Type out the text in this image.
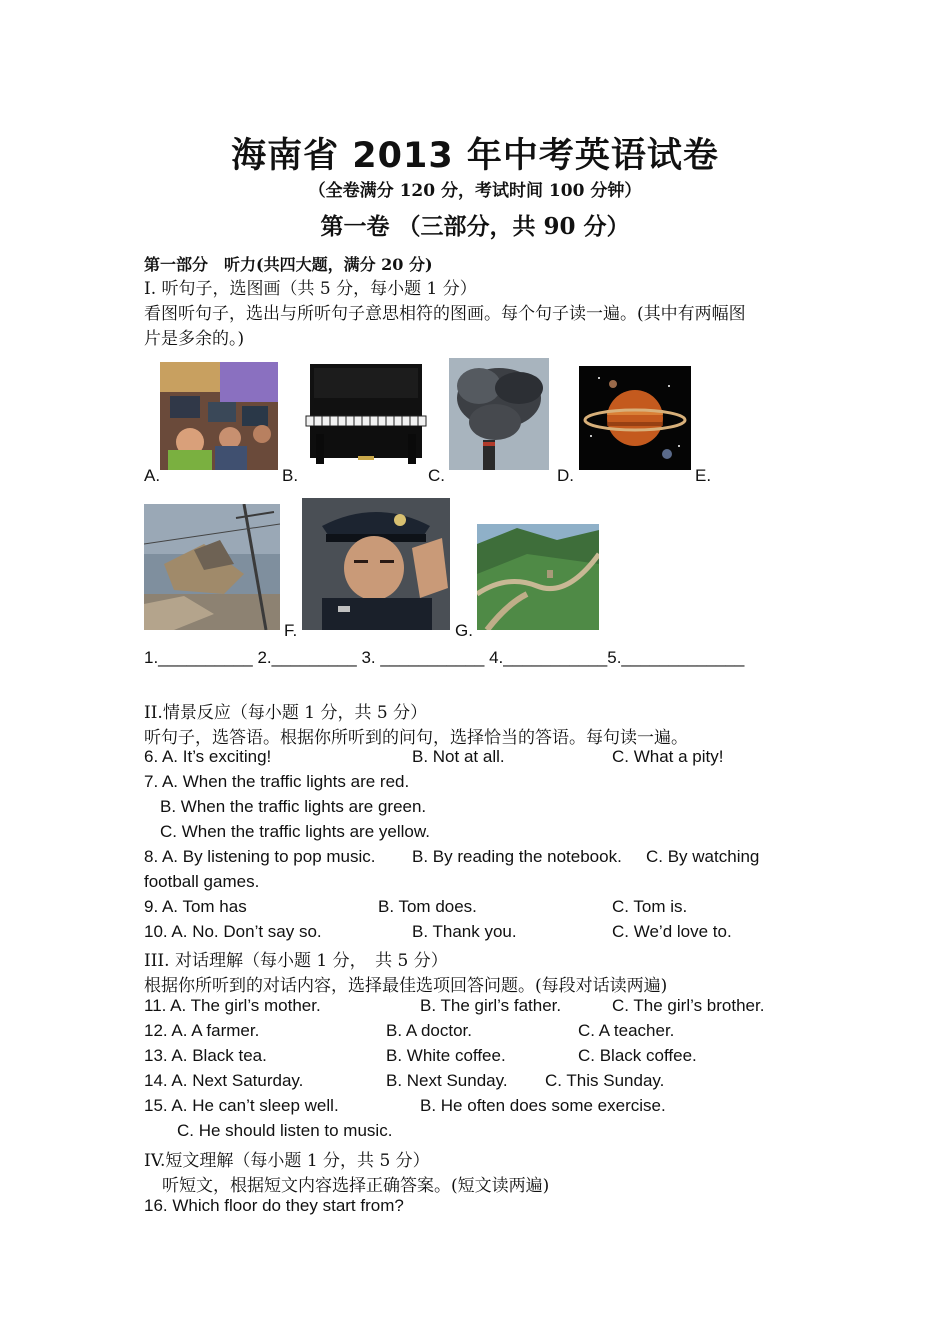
海南省 2013 年中考英语试卷
（全卷满分 120 分，考试时间 100 分钟）
第一卷 （三部分，共 90 分）
第一部分　听力(共四大题，满分 20 分)
I. 听句子，选图画（共 5 分，每小题 1 分）
看图听句子，选出与所听句子意思相符的图画。每个句子读一遍。(其中有两幅图
片是多余的。)
A.	B.	C.	D.	E.
F.	G.
1.__________ 2._________ 3. ___________ 4.___________5._____________
II.情景反应（每小题 1 分，共 5 分）
听句子，选答语。根据你所听到的问句，选择恰当的答语。每句读一遍。
6. A. It’s exciting!	B. Not at all.	C. What a pity!
7. A. When the traffic lights are red.
B. When the traffic lights are green.
C. When the traffic lights are yellow.
8. A. By listening to pop music. B. By reading the notebook. C. By watching
football games.
9. A. Tom has	B. Tom does.	C. Tom is.
10. A. No. Don’t say so.	B. Thank you.	C. We’d love to.
III. 对话理解（每小题 1 分，　共 5 分）
根据你所听到的对话内容，选择最佳选项回答问题。(每段对话读两遍)
11. A. The girl’s mother.	B. The girl’s father.	C. The girl’s brother.
12. A. A farmer.	B. A doctor.	C. A teacher.
13. A. Black tea.	B. White coffee.	C. Black coffee.
14. A. Next Saturday.	B. Next Sunday. C. This Sunday.
15. A. He can’t sleep well.	B. He often does some exercise.
C. He should listen to music.
IV.短文理解（每小题 1 分，共 5 分）
听短文，根据短文内容选择正确答案。(短文读两遍)
16. Which floor do they start from?
